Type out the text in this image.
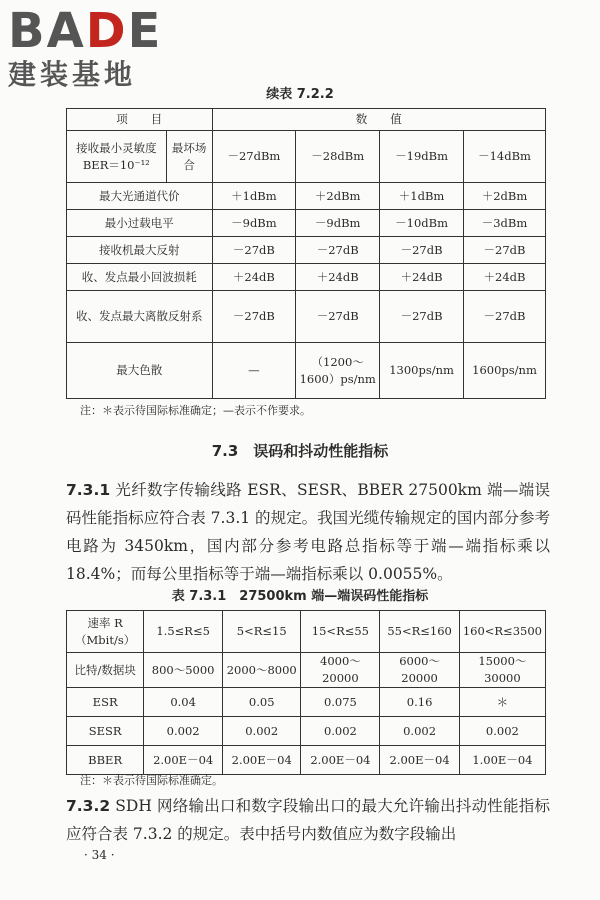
BADE
建装基地
续表 7.2.2
项　　目		数　　值			
接收最小灵敏度BER＝10⁻¹²	最坏场合	－27dBm	－28dBm	－19dBm	－14dBm
最大光通道代价		＋1dBm	＋2dBm	＋1dBm	＋2dBm
最小过载电平		－9dBm	－9dBm	－10dBm	－3dBm
接收机最大反射		－27dB	－27dB	－27dB	－27dB
收、发点最小回波损耗		＋24dB	＋24dB	＋24dB	＋24dB
收、发点最大离散反射系		－27dB	－27dB	－27dB	－27dB
最大色散		—	（1200～1600）ps/nm	1300ps/nm	1600ps/nm
注：＊表示待国际标准确定；—表示不作要求。
7.3　误码和抖动性能指标
7.3.1 光纤数字传输线路 ESR、SESR、BBER 27500km 端—端误码性能指标应符合表 7.3.1 的规定。我国光缆传输规定的国内部分参考电路为 3450km，国内部分参考电路总指标等于端—端指标乘以 18.4%；而每公里指标等于端—端指标乘以 0.0055%。
表 7.3.1　27500km 端—端误码性能指标
速率 R（Mbit/s）	1.5≤R≤5	5<R≤15	15<R≤55	55<R≤160	160<R≤3500
比特/数据块	800～5000	2000～8000	4000～20000	6000～20000	15000～30000
ESR	0.04	0.05	0.075	0.16	＊
SESR	0.002	0.002	0.002	0.002	0.002
BBER	2.00E－04	2.00E－04	2.00E－04	2.00E－04	1.00E－04
注：＊表示待国际标准确定。
7.3.2 SDH 网络输出口和数字段输出口的最大允许输出抖动性能指标应符合表 7.3.2 的规定。表中括号内数值应为数字段输出
· 34 ·
